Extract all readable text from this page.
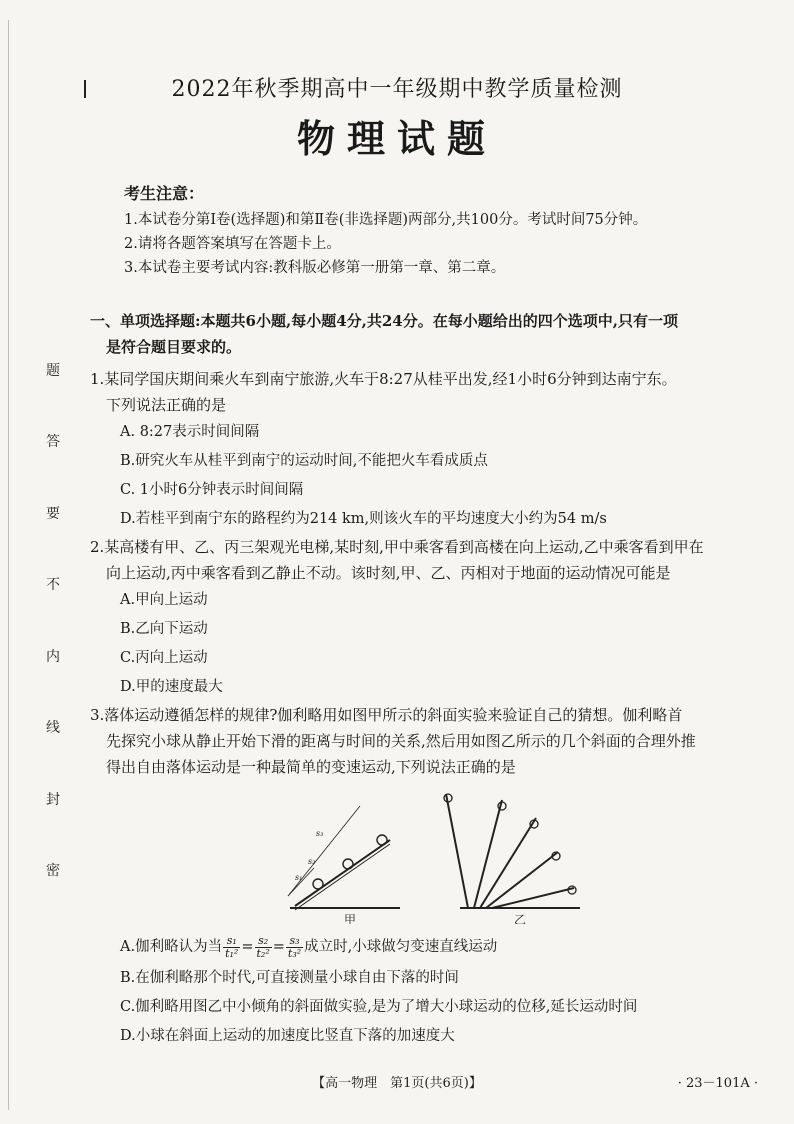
题
答
要
不
内
线
封
密
2022年秋季期高中一年级期中教学质量检测
物理试题
考生注意：
1.本试卷分第Ⅰ卷(选择题)和第Ⅱ卷(非选择题)两部分,共100分。考试时间75分钟。
2.请将各题答案填写在答题卡上。
3.本试卷主要考试内容:教科版必修第一册第一章、第二章。
一、单项选择题:本题共6小题,每小题4分,共24分。在每小题给出的四个选项中,只有一项
是符合题目要求的。
1.某同学国庆期间乘火车到南宁旅游,火车于8:27从桂平出发,经1小时6分钟到达南宁东。
下列说法正确的是
A. 8:27表示时间间隔
B.研究火车从桂平到南宁的运动时间,不能把火车看成质点
C. 1小时6分钟表示时间间隔
D.若桂平到南宁东的路程约为214 km,则该火车的平均速度大小约为54 m/s
2.某高楼有甲、乙、丙三架观光电梯,某时刻,甲中乘客看到高楼在向上运动,乙中乘客看到甲在
向上运动,丙中乘客看到乙静止不动。该时刻,甲、乙、丙相对于地面的运动情况可能是
A.甲向上运动
B.乙向下运动
C.丙向上运动
D.甲的速度最大
3.落体运动遵循怎样的规律?伽利略用如图甲所示的斜面实验来验证自己的猜想。伽利略首
先探究小球从静止开始下滑的距离与时间的关系,然后用如图乙所示的几个斜面的合理外推
得出自由落体运动是一种最简单的变速运动,下列说法正确的是
s₁
s₂
s₃
甲	乙
A.伽利略认为当 $\frac{\text{s₁}}{\text{t₁²}} = \frac{\text{s₂}}{\text{t₂²}} = \frac{\text{s₃}}{\text{t₃²}}$ 成立时,小球做匀变速直线运动
B.在伽利略那个时代,可直接测量小球自由下落的时间
C.伽利略用图乙中小倾角的斜面做实验,是为了增大小球运动的位移,延长运动时间
D.小球在斜面上运动的加速度比竖直下落的加速度大
【高一物理　第1页(共6页)】	· 23－101A ·
